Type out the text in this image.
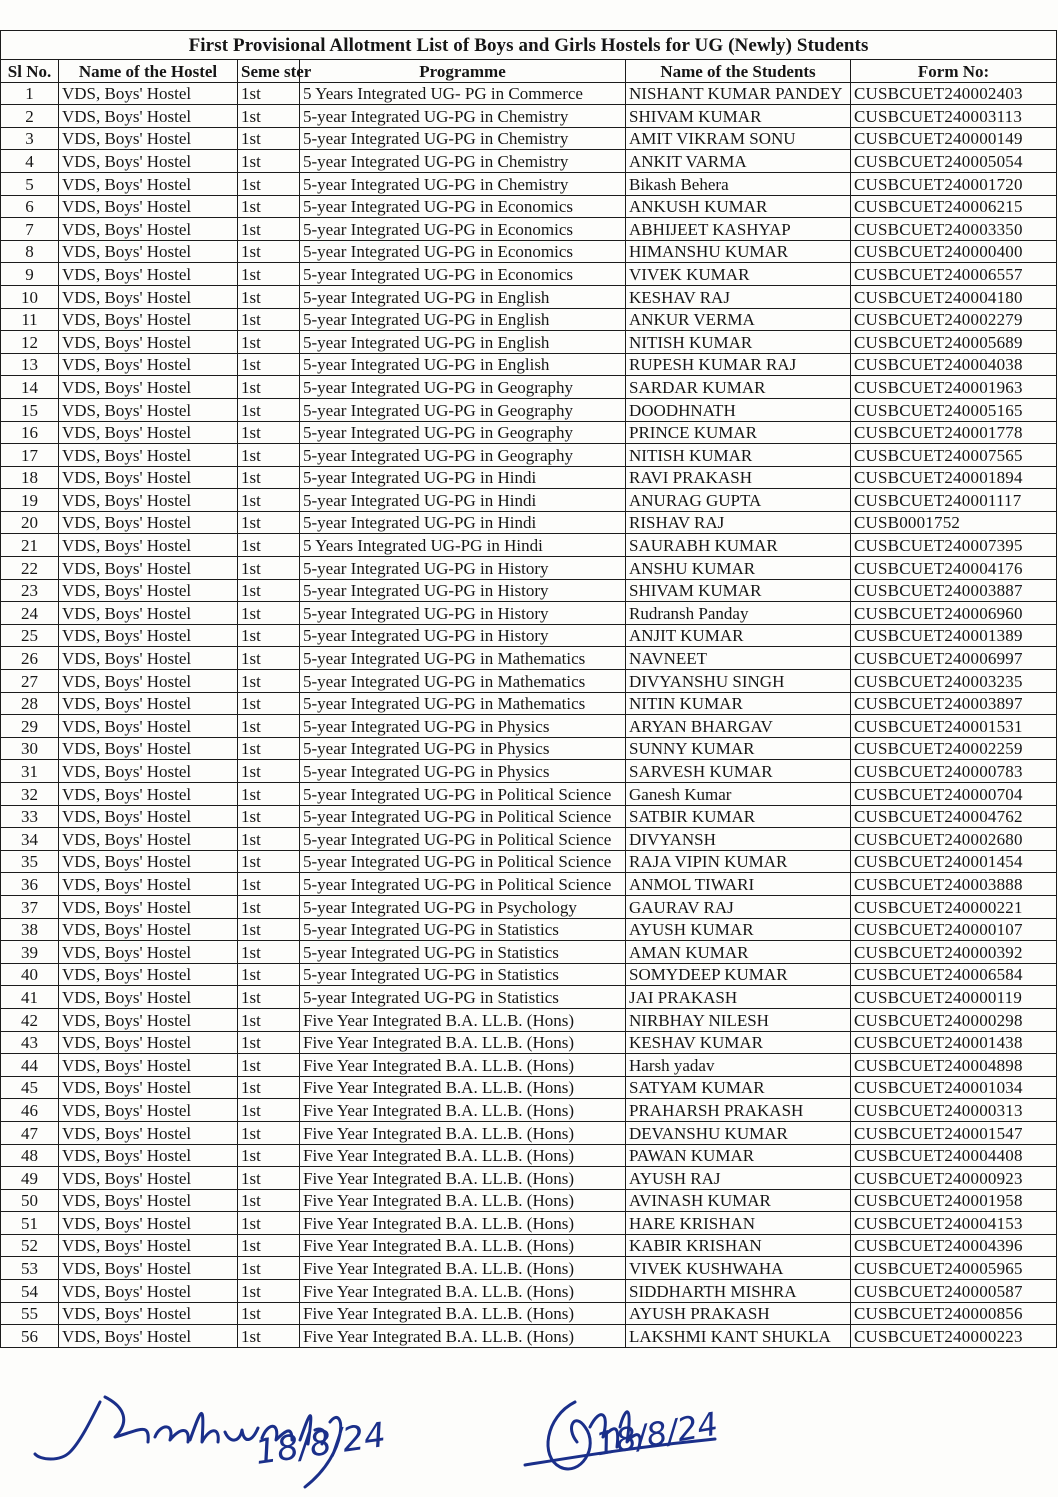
First Provisional Allotment List of Boys and Girls Hostels for UG (Newly) Students					
Sl No.	Name of the Hostel	Seme ster	Programme	Name of the Students	Form No:
1	VDS, Boys' Hostel	1st	5 Years Integrated UG- PG in Commerce	NISHANT KUMAR PANDEY	CUSBCUET240002403
2	VDS, Boys' Hostel	1st	5-year Integrated UG-PG in Chemistry	SHIVAM KUMAR	CUSBCUET240003113
3	VDS, Boys' Hostel	1st	5-year Integrated UG-PG in Chemistry	AMIT VIKRAM SONU	CUSBCUET240000149
4	VDS, Boys' Hostel	1st	5-year Integrated UG-PG in Chemistry	ANKIT VARMA	CUSBCUET240005054
5	VDS, Boys' Hostel	1st	5-year Integrated UG-PG in Chemistry	Bikash Behera	CUSBCUET240001720
6	VDS, Boys' Hostel	1st	5-year Integrated UG-PG in Economics	ANKUSH KUMAR	CUSBCUET240006215
7	VDS, Boys' Hostel	1st	5-year Integrated UG-PG in Economics	ABHIJEET KASHYAP	CUSBCUET240003350
8	VDS, Boys' Hostel	1st	5-year Integrated UG-PG in Economics	HIMANSHU KUMAR	CUSBCUET240000400
9	VDS, Boys' Hostel	1st	5-year Integrated UG-PG in Economics	VIVEK KUMAR	CUSBCUET240006557
10	VDS, Boys' Hostel	1st	5-year Integrated UG-PG in English	KESHAV RAJ	CUSBCUET240004180
11	VDS, Boys' Hostel	1st	5-year Integrated UG-PG in English	ANKUR VERMA	CUSBCUET240002279
12	VDS, Boys' Hostel	1st	5-year Integrated UG-PG in English	NITISH KUMAR	CUSBCUET240005689
13	VDS, Boys' Hostel	1st	5-year Integrated UG-PG in English	RUPESH KUMAR RAJ	CUSBCUET240004038
14	VDS, Boys' Hostel	1st	5-year Integrated UG-PG in Geography	SARDAR KUMAR	CUSBCUET240001963
15	VDS, Boys' Hostel	1st	5-year Integrated UG-PG in Geography	DOODHNATH	CUSBCUET240005165
16	VDS, Boys' Hostel	1st	5-year Integrated UG-PG in Geography	PRINCE KUMAR	CUSBCUET240001778
17	VDS, Boys' Hostel	1st	5-year Integrated UG-PG in Geography	NITISH KUMAR	CUSBCUET240007565
18	VDS, Boys' Hostel	1st	5-year Integrated UG-PG in Hindi	RAVI PRAKASH	CUSBCUET240001894
19	VDS, Boys' Hostel	1st	5-year Integrated UG-PG in Hindi	ANURAG GUPTA	CUSBCUET240001117
20	VDS, Boys' Hostel	1st	5-year Integrated UG-PG in Hindi	RISHAV RAJ	CUSB0001752
21	VDS, Boys' Hostel	1st	5 Years Integrated UG-PG in Hindi	SAURABH KUMAR	CUSBCUET240007395
22	VDS, Boys' Hostel	1st	5-year Integrated UG-PG in History	ANSHU KUMAR	CUSBCUET240004176
23	VDS, Boys' Hostel	1st	5-year Integrated UG-PG in History	SHIVAM KUMAR	CUSBCUET240003887
24	VDS, Boys' Hostel	1st	5-year Integrated UG-PG in History	Rudransh Panday	CUSBCUET240006960
25	VDS, Boys' Hostel	1st	5-year Integrated UG-PG in History	ANJIT KUMAR	CUSBCUET240001389
26	VDS, Boys' Hostel	1st	5-year Integrated UG-PG in Mathematics	NAVNEET	CUSBCUET240006997
27	VDS, Boys' Hostel	1st	5-year Integrated UG-PG in Mathematics	DIVYANSHU SINGH	CUSBCUET240003235
28	VDS, Boys' Hostel	1st	5-year Integrated UG-PG in Mathematics	NITIN KUMAR	CUSBCUET240003897
29	VDS, Boys' Hostel	1st	5-year Integrated UG-PG in Physics	ARYAN BHARGAV	CUSBCUET240001531
30	VDS, Boys' Hostel	1st	5-year Integrated UG-PG in Physics	SUNNY KUMAR	CUSBCUET240002259
31	VDS, Boys' Hostel	1st	5-year Integrated UG-PG in Physics	SARVESH KUMAR	CUSBCUET240000783
32	VDS, Boys' Hostel	1st	5-year Integrated UG-PG in Political Science	Ganesh Kumar	CUSBCUET240000704
33	VDS, Boys' Hostel	1st	5-year Integrated UG-PG in Political Science	SATBIR KUMAR	CUSBCUET240004762
34	VDS, Boys' Hostel	1st	5-year Integrated UG-PG in Political Science	DIVYANSH	CUSBCUET240002680
35	VDS, Boys' Hostel	1st	5-year Integrated UG-PG in Political Science	RAJA VIPIN KUMAR	CUSBCUET240001454
36	VDS, Boys' Hostel	1st	5-year Integrated UG-PG in Political Science	ANMOL TIWARI	CUSBCUET240003888
37	VDS, Boys' Hostel	1st	5-year Integrated UG-PG in Psychology	GAURAV RAJ	CUSBCUET240000221
38	VDS, Boys' Hostel	1st	5-year Integrated UG-PG in Statistics	AYUSH KUMAR	CUSBCUET240000107
39	VDS, Boys' Hostel	1st	5-year Integrated UG-PG in Statistics	AMAN KUMAR	CUSBCUET240000392
40	VDS, Boys' Hostel	1st	5-year Integrated UG-PG in Statistics	SOMYDEEP KUMAR	CUSBCUET240006584
41	VDS, Boys' Hostel	1st	5-year Integrated UG-PG in Statistics	JAI PRAKASH	CUSBCUET240000119
42	VDS, Boys' Hostel	1st	Five Year Integrated B.A. LL.B. (Hons)	NIRBHAY NILESH	CUSBCUET240000298
43	VDS, Boys' Hostel	1st	Five Year Integrated B.A. LL.B. (Hons)	KESHAV KUMAR	CUSBCUET240001438
44	VDS, Boys' Hostel	1st	Five Year Integrated B.A. LL.B. (Hons)	Harsh yadav	CUSBCUET240004898
45	VDS, Boys' Hostel	1st	Five Year Integrated B.A. LL.B. (Hons)	SATYAM KUMAR	CUSBCUET240001034
46	VDS, Boys' Hostel	1st	Five Year Integrated B.A. LL.B. (Hons)	PRAHARSH PRAKASH	CUSBCUET240000313
47	VDS, Boys' Hostel	1st	Five Year Integrated B.A. LL.B. (Hons)	DEVANSHU KUMAR	CUSBCUET240001547
48	VDS, Boys' Hostel	1st	Five Year Integrated B.A. LL.B. (Hons)	PAWAN KUMAR	CUSBCUET240004408
49	VDS, Boys' Hostel	1st	Five Year Integrated B.A. LL.B. (Hons)	AYUSH RAJ	CUSBCUET240000923
50	VDS, Boys' Hostel	1st	Five Year Integrated B.A. LL.B. (Hons)	AVINASH KUMAR	CUSBCUET240001958
51	VDS, Boys' Hostel	1st	Five Year Integrated B.A. LL.B. (Hons)	HARE KRISHAN	CUSBCUET240004153
52	VDS, Boys' Hostel	1st	Five Year Integrated B.A. LL.B. (Hons)	KABIR KRISHAN	CUSBCUET240004396
53	VDS, Boys' Hostel	1st	Five Year Integrated B.A. LL.B. (Hons)	VIVEK KUSHWAHA	CUSBCUET240005965
54	VDS, Boys' Hostel	1st	Five Year Integrated B.A. LL.B. (Hons)	SIDDHARTH MISHRA	CUSBCUET240000587
55	VDS, Boys' Hostel	1st	Five Year Integrated B.A. LL.B. (Hons)	AYUSH PRAKASH	CUSBCUET240000856
56	VDS, Boys' Hostel	1st	Five Year Integrated B.A. LL.B. (Hons)	LAKSHMI KANT SHUKLA	CUSBCUET240000223
18/8/24	18/8/24
